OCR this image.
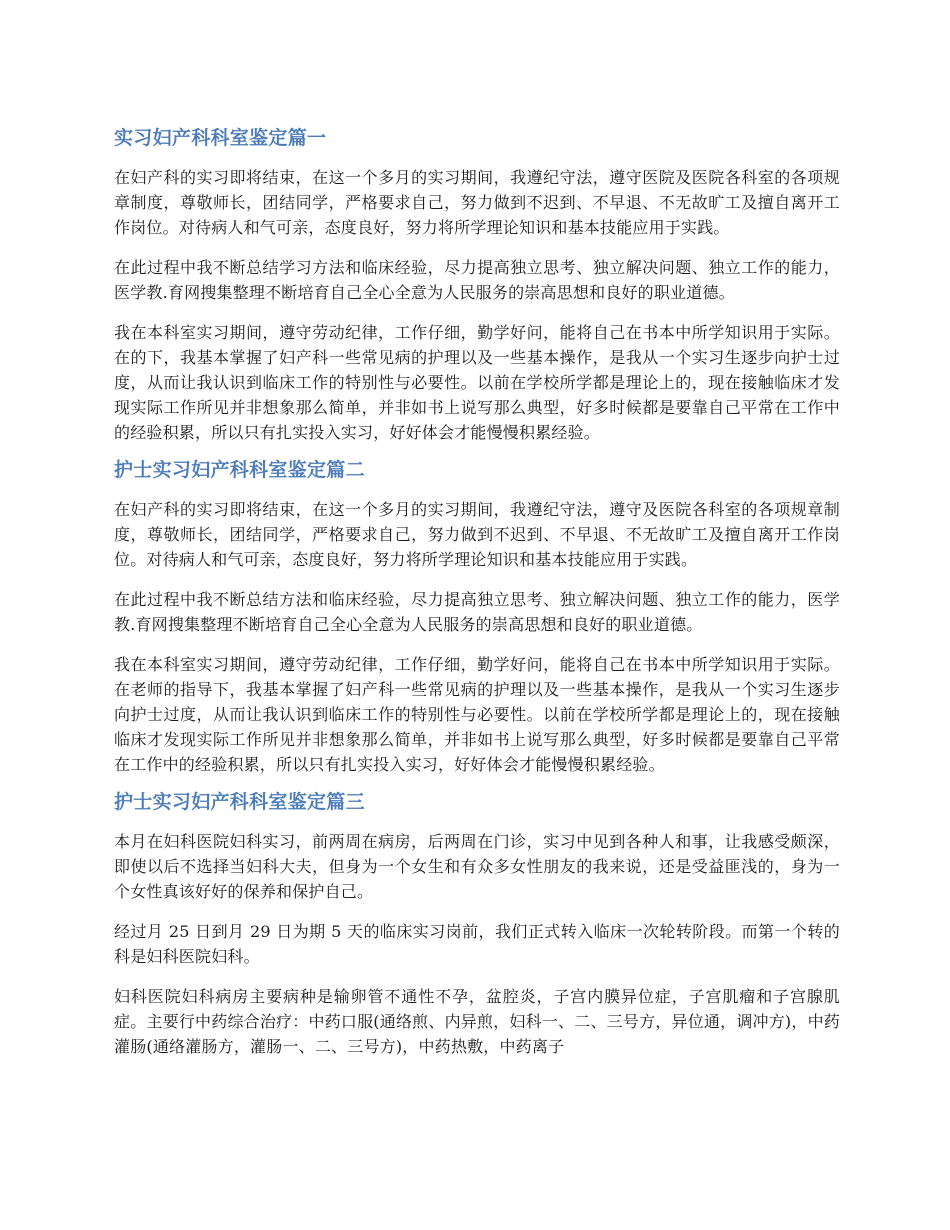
实习妇产科科室鉴定篇一

在妇产科的实习即将结束，在这一个多月的实习期间，我遵纪守法，遵守医院及医院各科室的各项规章制度，尊敬师长，团结同学，严格要求自己，努力做到不迟到、不早退、不无故旷工及擅自离开工作岗位。对待病人和气可亲，态度良好，努力将所学理论知识和基本技能应用于实践。

在此过程中我不断总结学习方法和临床经验，尽力提高独立思考、独立解决问题、独立工作的能力，医学教.育网搜集整理不断培育自己全心全意为人民服务的崇高思想和良好的职业道德。

我在本科室实习期间，遵守劳动纪律，工作仔细，勤学好问，能将自己在书本中所学知识用于实际。在的下，我基本掌握了妇产科一些常见病的护理以及一些基本操作，是我从一个实习生逐步向护士过度，从而让我认识到临床工作的特别性与必要性。以前在学校所学都是理论上的，现在接触临床才发现实际工作所见并非想象那么简单，并非如书上说写那么典型，好多时候都是要靠自己平常在工作中的经验积累，所以只有扎实投入实习，好好体会才能慢慢积累经验。

护士实习妇产科科室鉴定篇二

在妇产科的实习即将结束，在这一个多月的实习期间，我遵纪守法，遵守及医院各科室的各项规章制度，尊敬师长，团结同学，严格要求自己，努力做到不迟到、不早退、不无故旷工及擅自离开工作岗位。对待病人和气可亲，态度良好，努力将所学理论知识和基本技能应用于实践。

在此过程中我不断总结方法和临床经验，尽力提高独立思考、独立解决问题、独立工作的能力，医学教.育网搜集整理不断培育自己全心全意为人民服务的崇高思想和良好的职业道德。

我在本科室实习期间，遵守劳动纪律，工作仔细，勤学好问，能将自己在书本中所学知识用于实际。在老师的指导下，我基本掌握了妇产科一些常见病的护理以及一些基本操作，是我从一个实习生逐步向护士过度，从而让我认识到临床工作的特别性与必要性。以前在学校所学都是理论上的，现在接触临床才发现实际工作所见并非想象那么简单，并非如书上说写那么典型，好多时候都是要靠自己平常在工作中的经验积累，所以只有扎实投入实习，好好体会才能慢慢积累经验。

护士实习妇产科科室鉴定篇三

本月在妇科医院妇科实习，前两周在病房，后两周在门诊，实习中见到各种人和事，让我感受颇深，即使以后不选择当妇科大夫，但身为一个女生和有众多女性朋友的我来说，还是受益匪浅的，身为一个女性真该好好的保养和保护自己。

经过月 25 日到月 29 日为期 5 天的临床实习岗前，我们正式转入临床一次轮转阶段。而第一个转的科是妇科医院妇科。

妇科医院妇科病房主要病种是输卵管不通性不孕，盆腔炎，子宫内膜异位症，子宫肌瘤和子宫腺肌症。主要行中药综合治疗：中药口服(通络煎、内异煎，妇科一、二、三号方，异位通，调冲方)，中药灌肠(通络灌肠方，灌肠一、二、三号方)，中药热敷，中药离子
